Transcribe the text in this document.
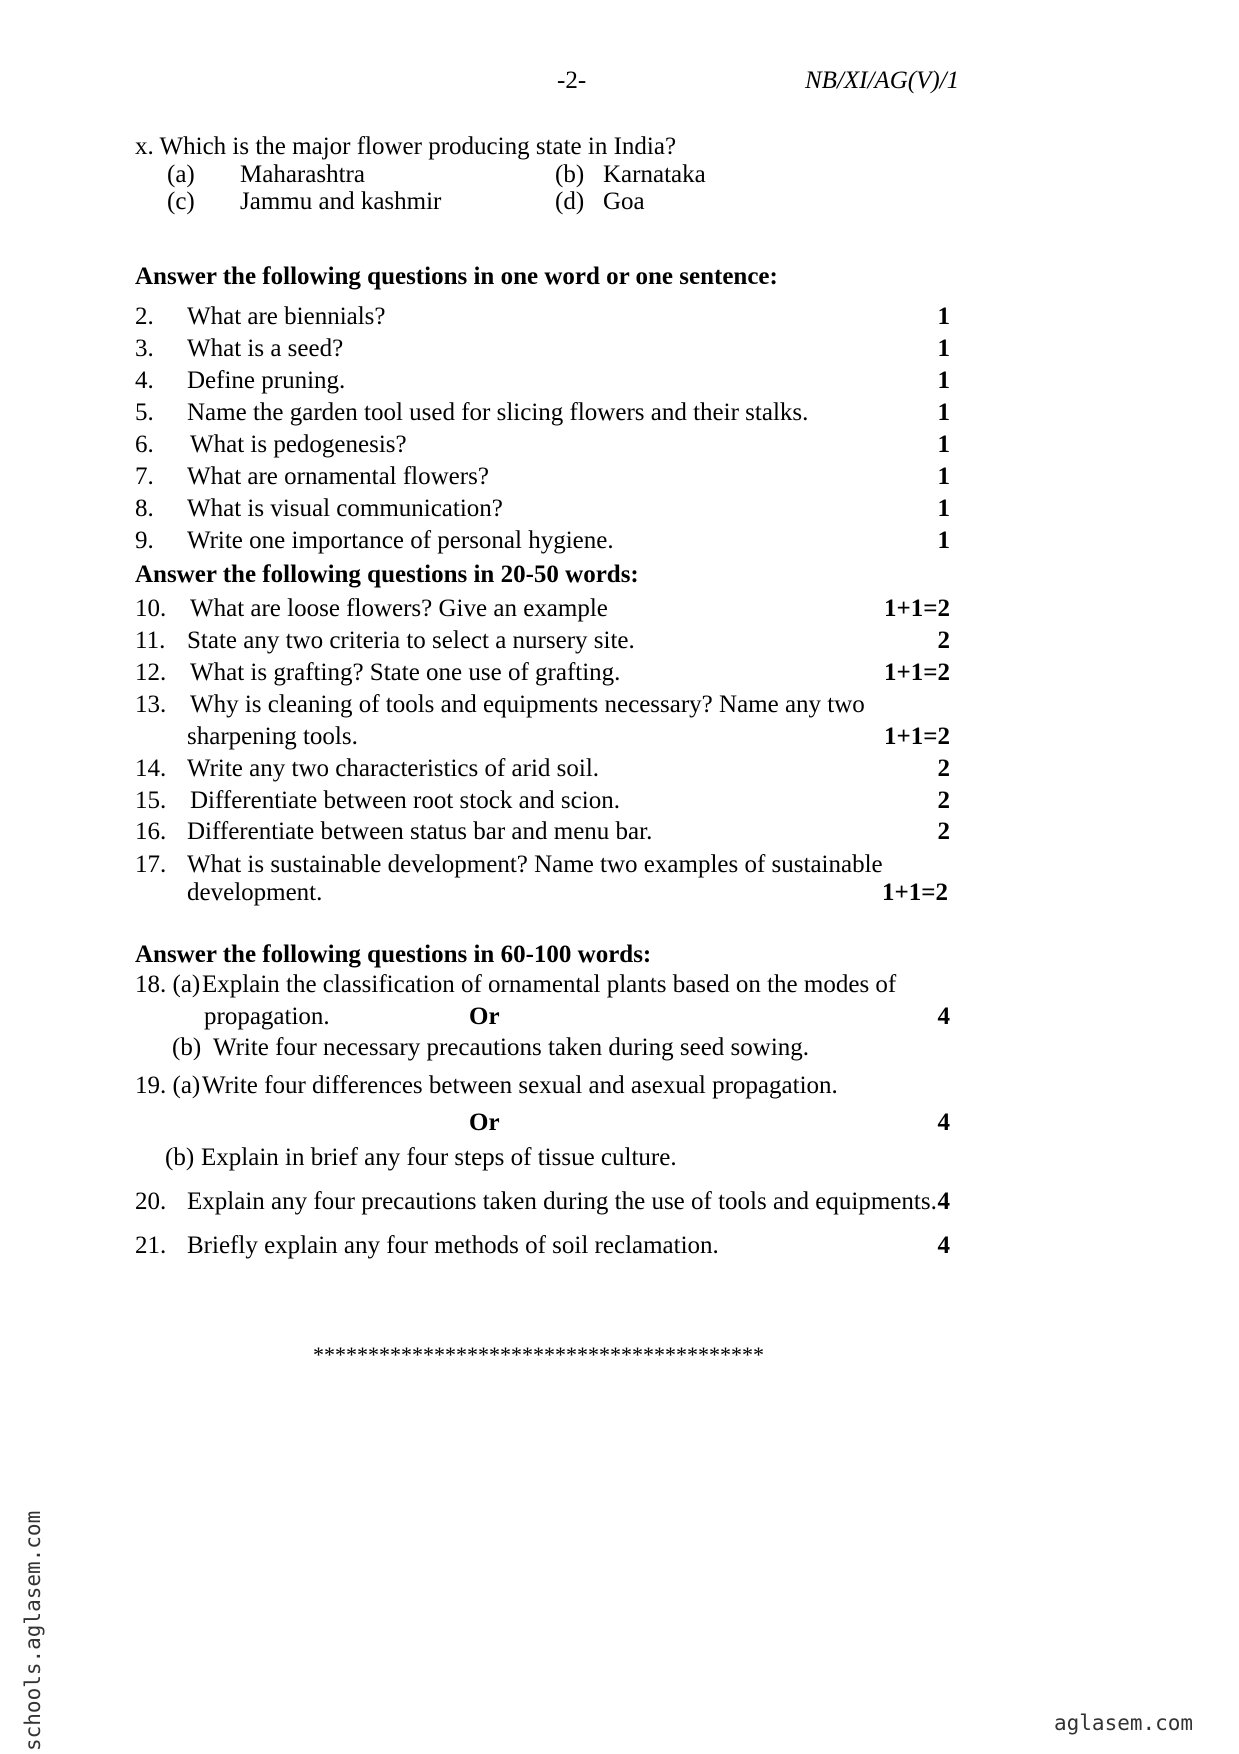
-2-	NB/XI/AG(V)/1
x. Which is the major flower producing state in India?
(a) Maharashtra	(b) Karnataka
(c) Jammu and kashmir	(d) Goa
Answer the following questions in one word or one sentence:
2. What are biennials?	1
3. What is a seed?	1
4. Define pruning.	1
5. Name the garden tool used for slicing flowers and their stalks.	1
6. What is pedogenesis?	1
7. What are ornamental flowers?	1
8. What is visual communication?	1
9. Write one importance of personal hygiene.	1
Answer the following questions in 20-50 words:
10. What are loose flowers? Give an example	1+1=2
11. State any two criteria to select a nursery site.	2
12. What is grafting? State one use of grafting.	1+1=2
13. Why is cleaning of tools and equipments necessary? Name any two
sharpening tools.	1+1=2
14. Write any two characteristics of arid soil.	2
15. Differentiate between root stock and scion.	2
16. Differentiate between status bar and menu bar.	2
17. What is sustainable development? Name two examples of sustainable
development.	1+1=2
Answer the following questions in 60-100 words:
18. (a) Explain the classification of ornamental plants based on the modes of
propagation.	Or	4
(b) Write four necessary precautions taken during seed sowing.
19. (a) Write four differences between sexual and asexual propagation.
Or	4
(b) Explain in brief any four steps of tissue culture.
20. Explain any four precautions taken during the use of tools and equipments. 4
21. Briefly explain any four methods of soil reclamation.	4
*****************************************
schools.aglasem.com	aglasem.com
